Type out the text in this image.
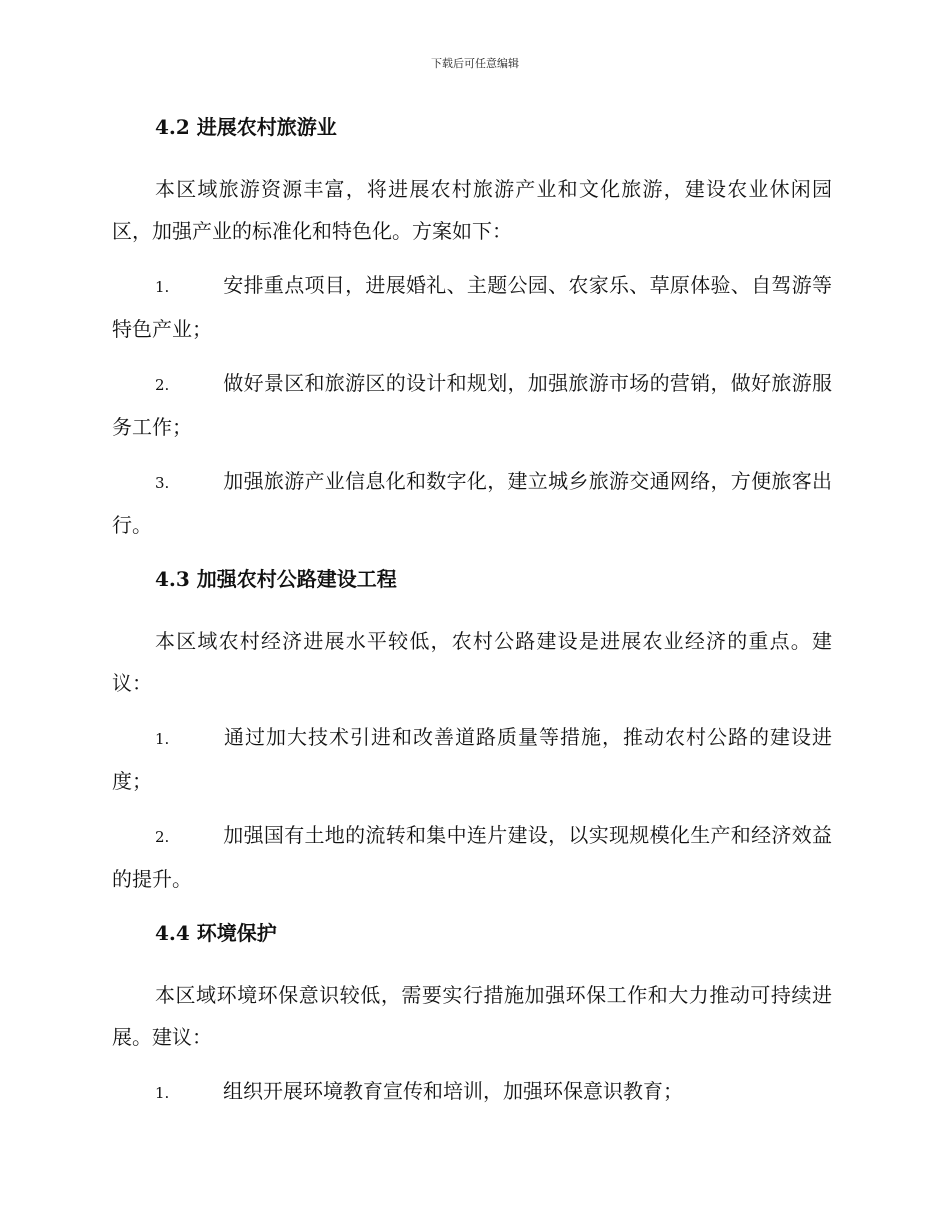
下载后可任意编辑

4.2 进展农村旅游业

本区域旅游资源丰富，将进展农村旅游产业和文化旅游，建设农业休闲园区，加强产业的标准化和特色化。方案如下：

1.	安排重点项目，进展婚礼、主题公园、农家乐、草原体验、自驾游等特色产业；

2.	做好景区和旅游区的设计和规划，加强旅游市场的营销，做好旅游服务工作；

3.	加强旅游产业信息化和数字化，建立城乡旅游交通网络，方便旅客出行。

4.3 加强农村公路建设工程

本区域农村经济进展水平较低，农村公路建设是进展农业经济的重点。建议：

1.	通过加大技术引进和改善道路质量等措施，推动农村公路的建设进度；

2.	加强国有土地的流转和集中连片建设，以实现规模化生产和经济效益的提升。

4.4 环境保护

本区域环境环保意识较低，需要实行措施加强环保工作和大力推动可持续进展。建议：

1.	组织开展环境教育宣传和培训，加强环保意识教育；
